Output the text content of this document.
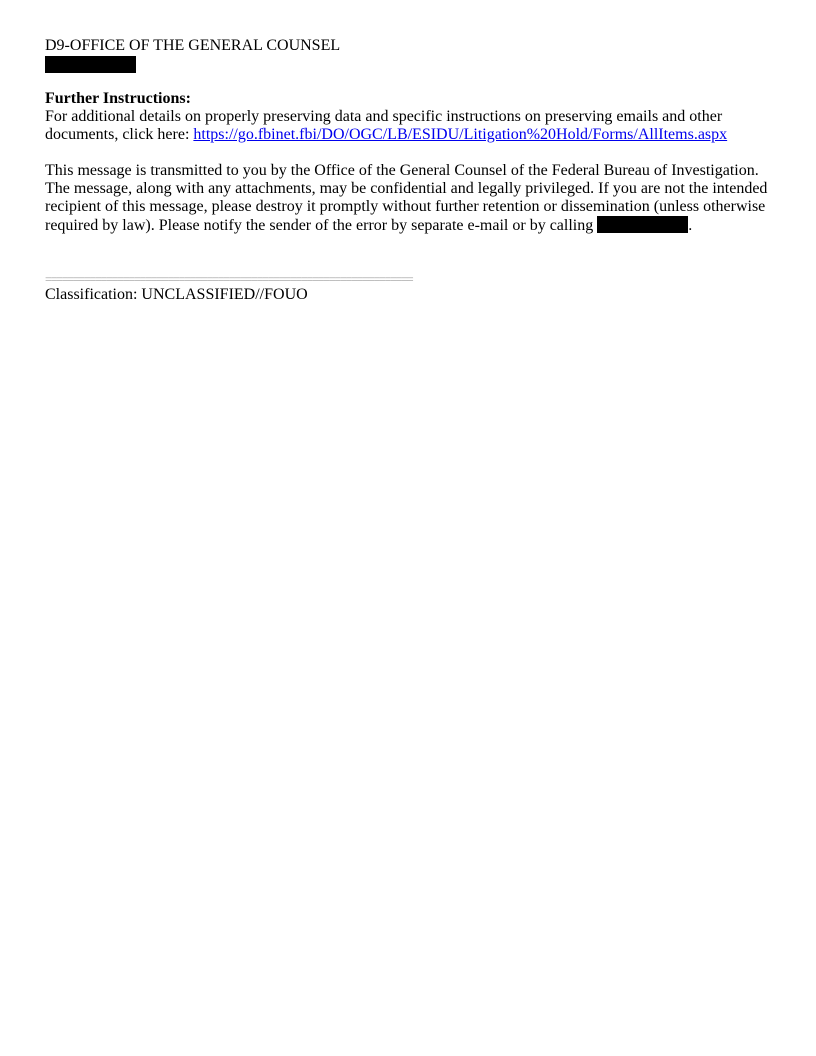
D9-OFFICE OF THE GENERAL COUNSEL
Further Instructions:
For additional details on properly preserving data and specific instructions on preserving emails and other
documents, click here: https://go.fbinet.fbi/DO/OGC/LB/ESIDU/Litigation%20Hold/Forms/AllItems.aspx
This message is transmitted to you by the Office of the General Counsel of the Federal Bureau of Investigation.
The message, along with any attachments, may be confidential and legally privileged. If you are not the intended
recipient of this message, please destroy it promptly without further retention or dissemination (unless otherwise
required by law). Please notify the sender of the error by separate e-mail or by calling	.
==================================================================
Classification: UNCLASSIFIED//FOUO
